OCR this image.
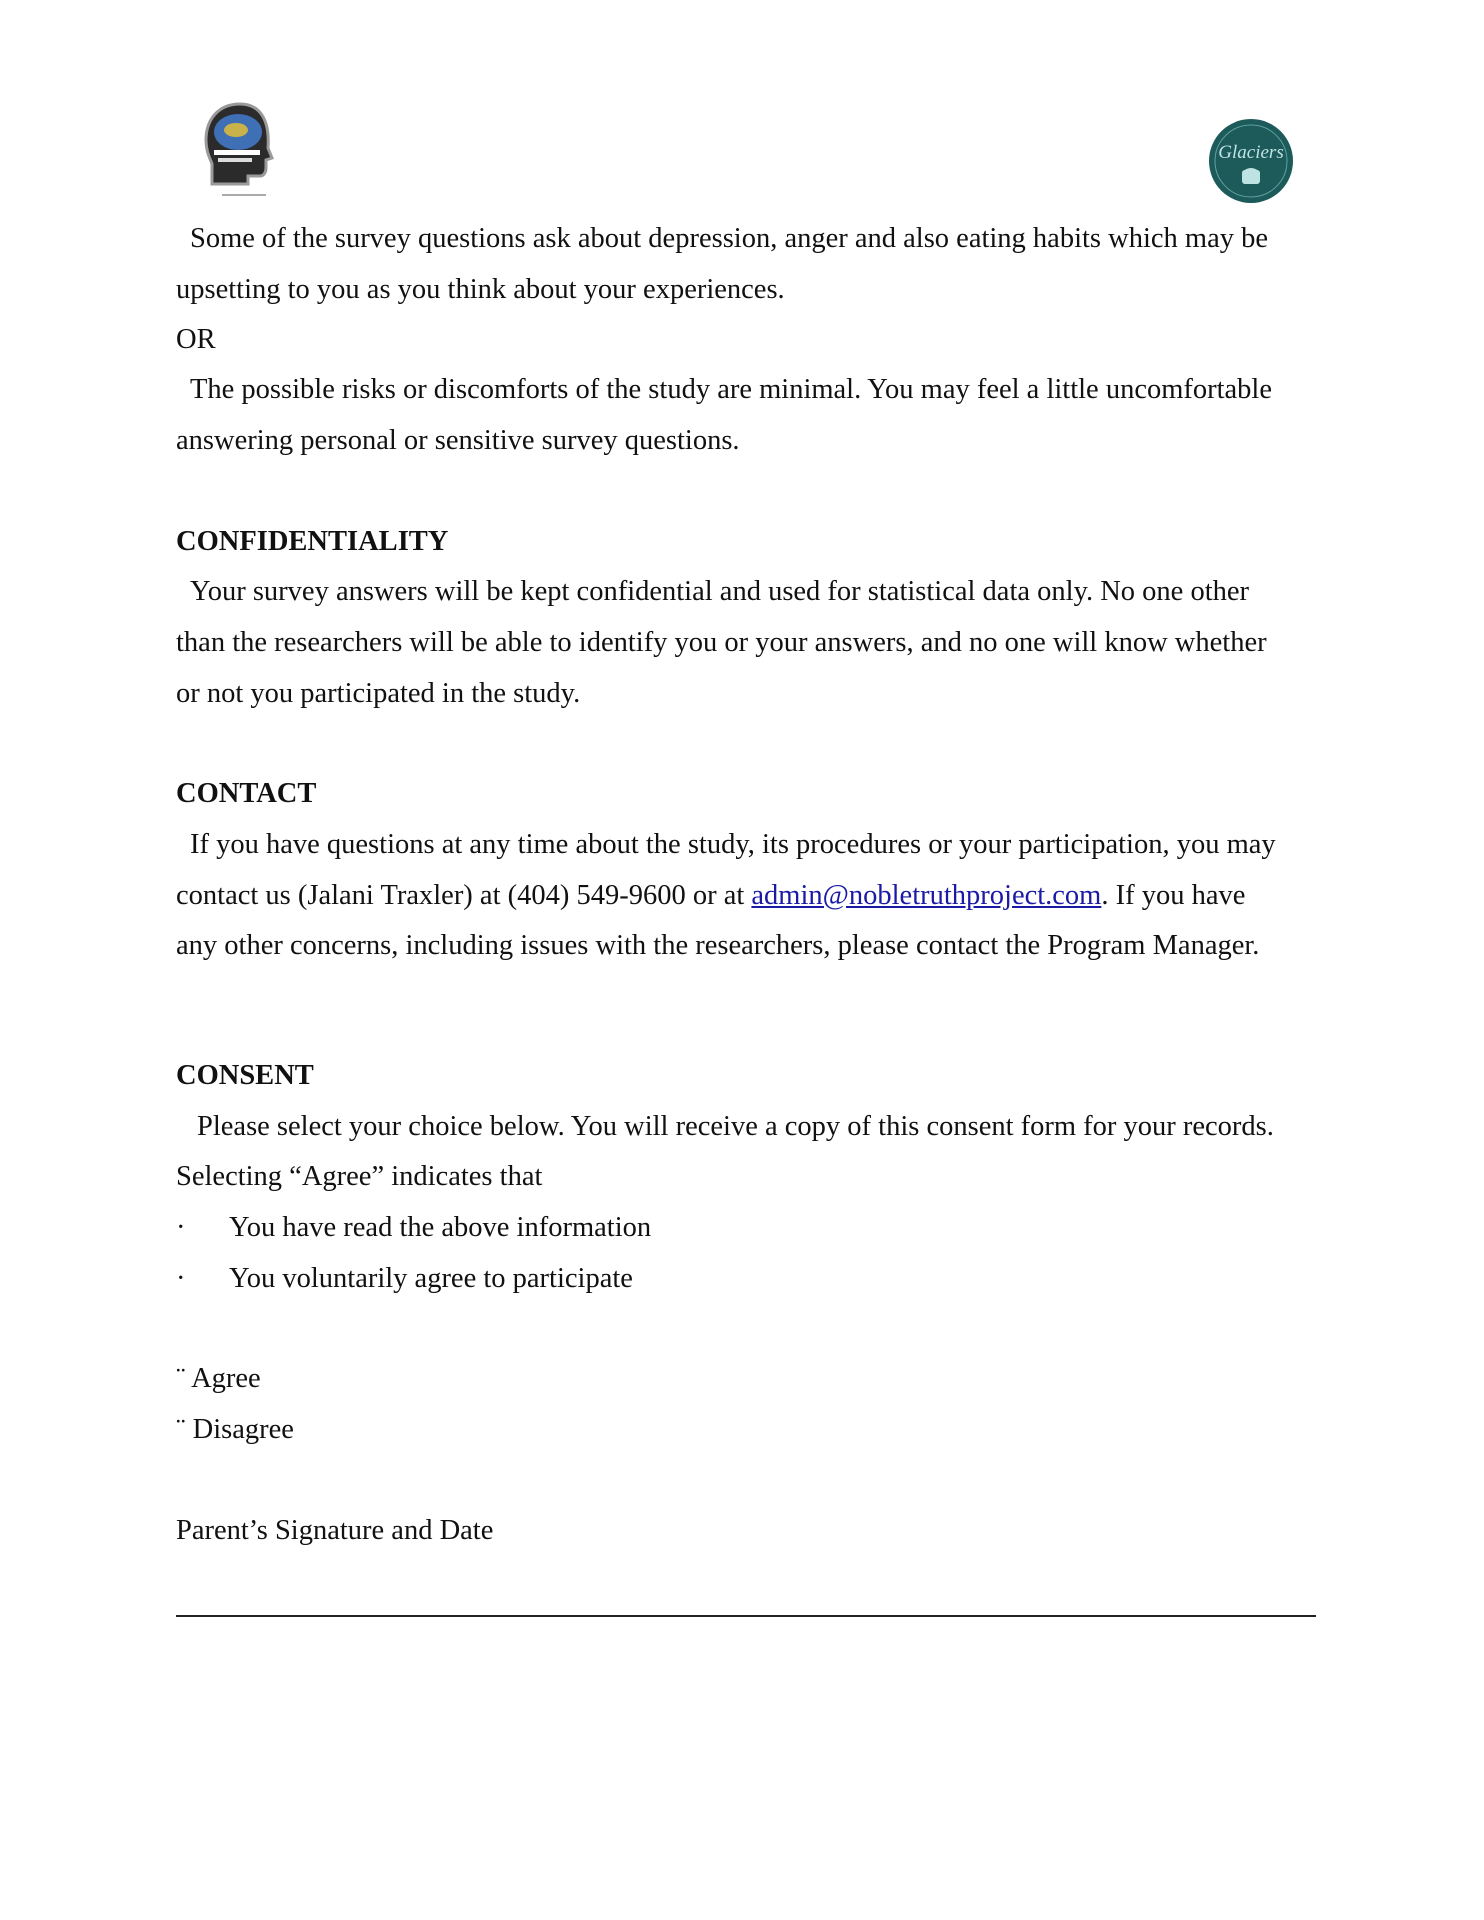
Glaciers
Some of the survey questions ask about depression, anger and also eating habits which may be
upsetting to you as you think about your experiences.
OR
The possible risks or discomforts of the study are minimal. You may feel a little uncomfortable
answering personal or sensitive survey questions.
CONFIDENTIALITY
Your survey answers will be kept confidential and used for statistical data only. No one other
than the researchers will be able to identify you or your answers, and no one will know whether
or not you participated in the study.
CONTACT
If you have questions at any time about the study, its procedures or your participation, you may
contact us (Jalani Traxler) at (404) 549-9600 or at admin@nobletruthproject.com. If you have
any other concerns, including issues with the researchers, please contact the Program Manager.
CONSENT
Please select your choice below. You will receive a copy of this consent form for your records.
Selecting “Agree” indicates that
· You have read the above information
· You voluntarily agree to participate
¨ Agree
¨ Disagree
Parent’s Signature and Date
